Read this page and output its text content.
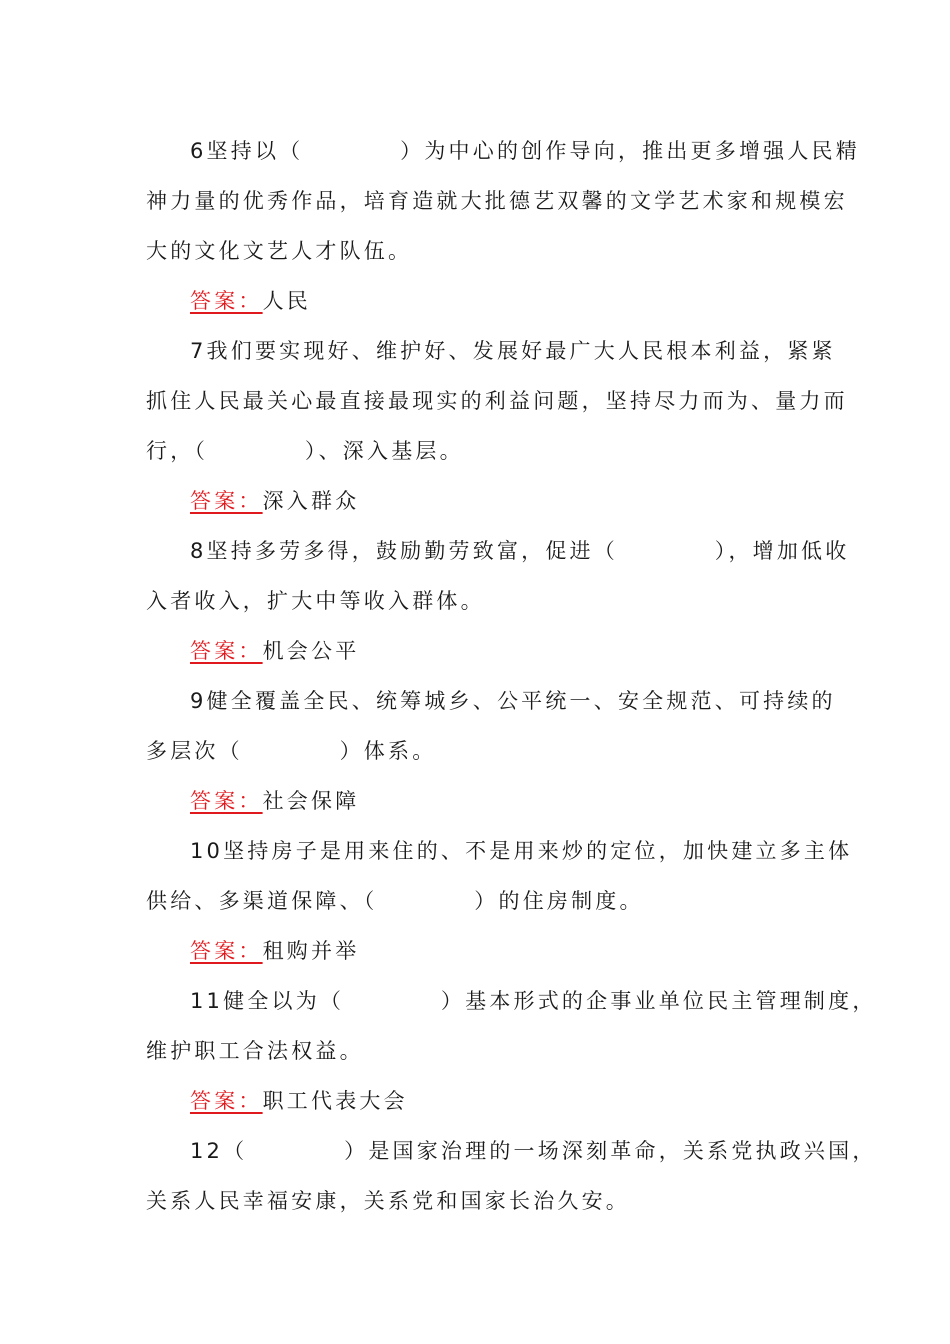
6坚持以（　　　　）为中心的创作导向，推出更多增强人民精
神力量的优秀作品，培育造就大批德艺双馨的文学艺术家和规模宏
大的文化文艺人才队伍。
答案：人民
7我们要实现好、维护好、发展好最广大人民根本利益，紧紧
抓住人民最关心最直接最现实的利益问题，坚持尽力而为、量力而
行，（　　　　）、深入基层。
答案：深入群众
8坚持多劳多得，鼓励勤劳致富，促进（　　　　），增加低收
入者收入，扩大中等收入群体。
答案：机会公平
9健全覆盖全民、统筹城乡、公平统一、安全规范、可持续的
多层次（　　　　）体系。
答案：社会保障
10坚持房子是用来住的、不是用来炒的定位，加快建立多主体
供给、多渠道保障、（　　　　）的住房制度。
答案：租购并举
11健全以为（　　　　）基本形式的企事业单位民主管理制度，
维护职工合法权益。
答案：职工代表大会
12（　　　　）是国家治理的一场深刻革命，关系党执政兴国，
关系人民幸福安康，关系党和国家长治久安。
